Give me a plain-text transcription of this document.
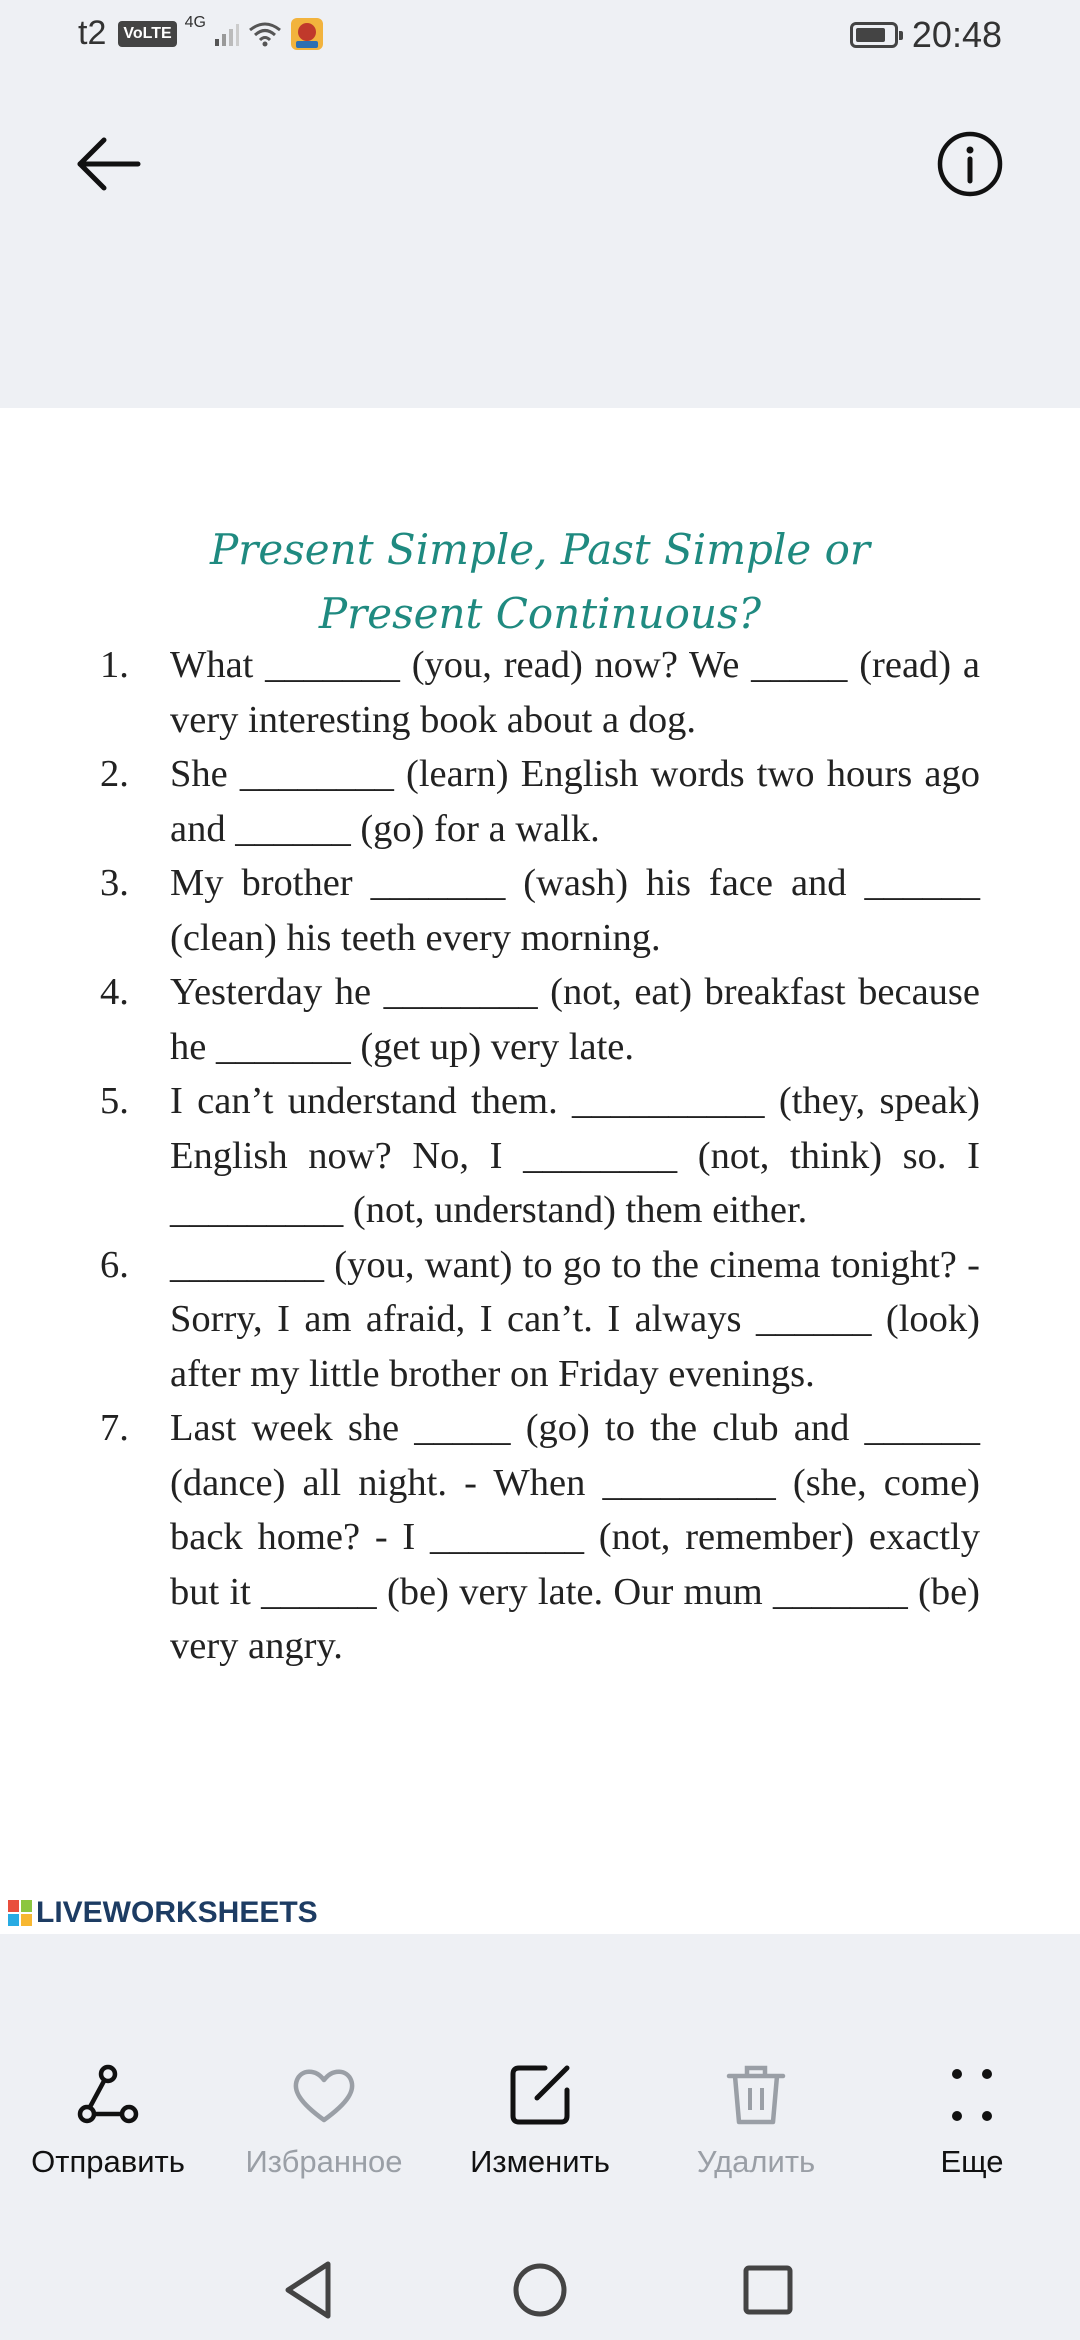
t2	VoLTE
4G	20:48
Present Simple, Past Simple or
Present Continuous?
1. What _______ (you, read) now? We _____ (read) a very interesting book about a dog.
2. She ________ (learn) English words two hours ago and ______ (go) for a walk.
3. My brother _______ (wash) his face and ______ (clean) his teeth every morning.
4. Yesterday he ________ (not, eat) breakfast because he _______ (get up) very late.
5. I can’t understand them. __________ (they, speak) English now? No, I ________ (not, think) so. I _________ (not, understand) them either.
6. ________ (you, want) to go to the cinema tonight? - Sorry, I am afraid, I can’t. I always ______ (look) after my little brother on Friday evenings.
7. Last week she _____ (go) to the club and ______ (dance) all night. - When _________ (she, come) back home? - I ________ (not, remember) exactly but it ______ (be) very late. Our mum _______ (be) very angry.
LIVEWORKSHEETS
Отправить	Избранное	Изменить	Удалить	Еще
